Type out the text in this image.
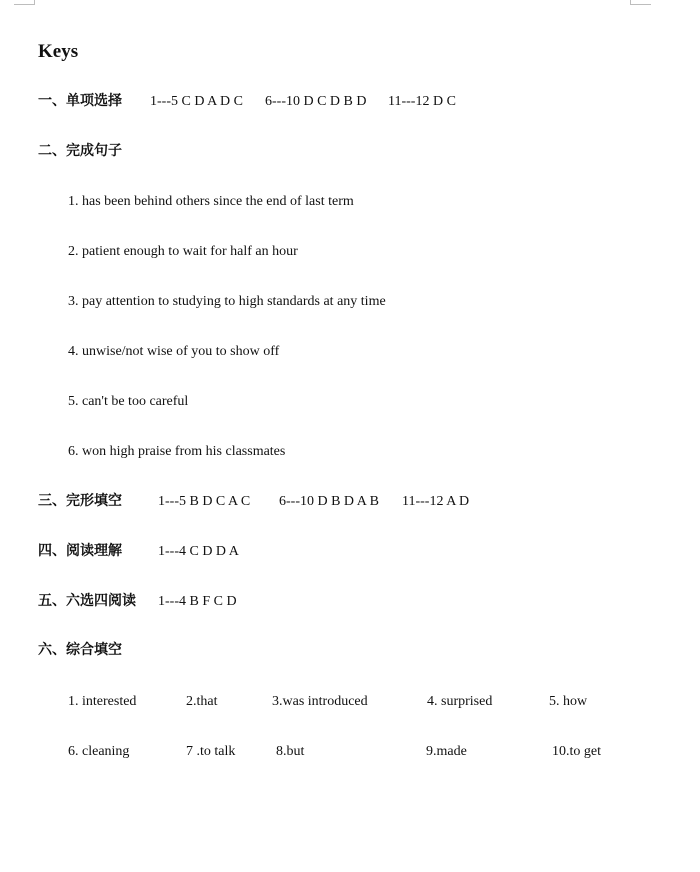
Keys
一、单项选择 1---5 C D A D C 6---10 D C D B D 11---12 D C
二、完成句子
1. has been behind others since the end of last term
2. patient enough to wait for half an hour
3. pay attention to studying to high standards at any time
4. unwise/not wise of you to show off
5. can't be too careful
6. won high praise from his classmates
三、完形填空	1---5 B D C A C 6---10 D B D A B 11---12 A D
四、阅读理解	1---4 C D D A
五、六选四阅读 1---4 B F C D
六、综合填空
1. interested	2.that	3.was introduced	4. surprised	5. how
6. cleaning	7 .to talk	8.but	9.made	10.to get
